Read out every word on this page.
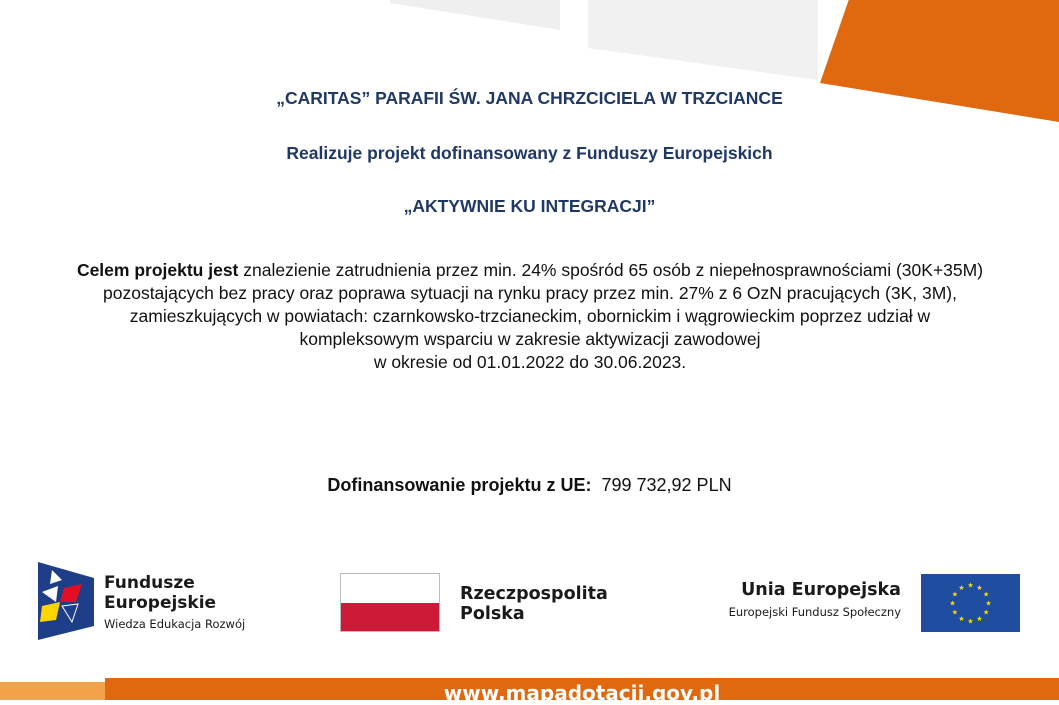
„CARITAS” PARAFII ŚW. JANA CHRZCICIELA W TRZCIANCE
Realizuje projekt dofinansowany z Funduszy Europejskich
„AKTYWNIE KU INTEGRACJI”
Celem projektu jest znalezienie zatrudnienia przez min. 24% spośród 65 osób z niepełnosprawnościami (30K+35M) pozostających bez pracy oraz poprawa sytuacji na rynku pracy przez min. 27% z 6 OzN pracujących (3K, 3M), zamieszkujących w powiatach: czarnkowsko-trzcianeckim, obornickim i wągrowieckim poprzez udział w kompleksowym wsparciu w zakresie aktywizacji zawodowej
w okresie od 01.01.2022 do 30.06.2023.
Dofinansowanie projektu z UE: 799 732,92 PLN
Fundusze
Europejskie
Wiedza Edukacja Rozwój
Rzeczpospolita
Polska
Unia Europejska
Europejski Fundusz Społeczny
★ ★
★
★
★
★
★
★
★
★
★
★
www.mapadotacji.gov.pl
